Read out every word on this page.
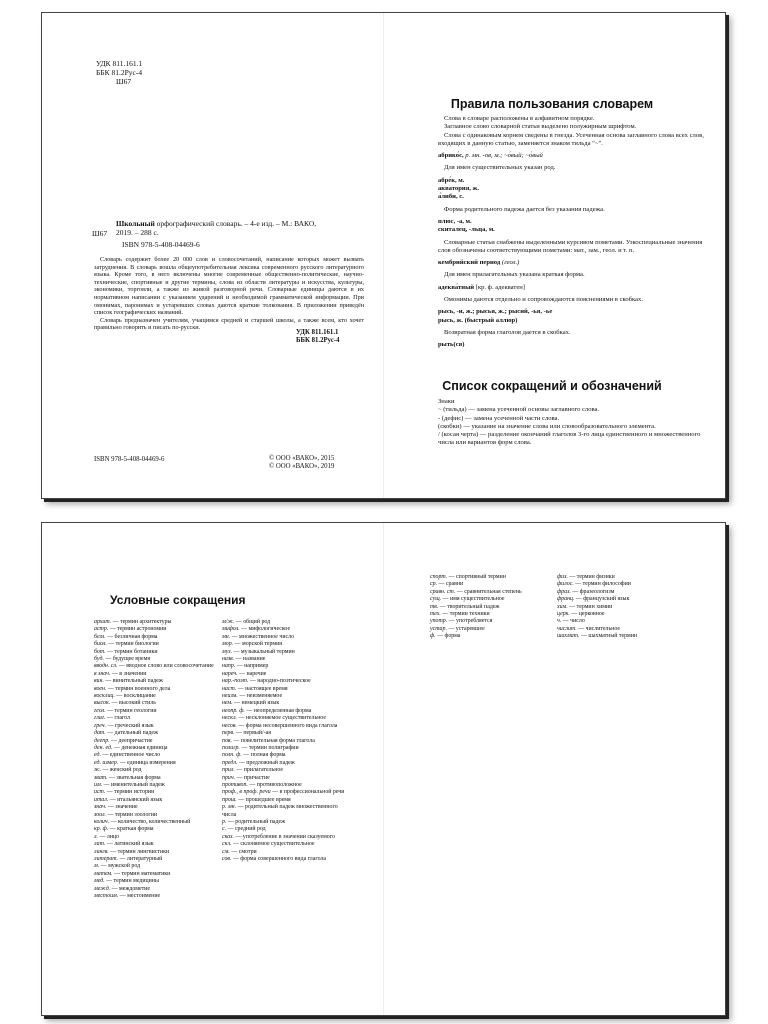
УДК 811.161.1
ББК 81.2Рус-4
Ш67
Ш67
Школьный орфографический словарь. – 4-е изд. – М.: ВАКО,
2019. – 288 с.
ISBN 978-5-408-04469-6
Словарь содержит более 20 000 слов и словосочетаний, написание которых может вызвать затруднения. В словарь вошла общеупотребительная лексика современного русского литературного языка. Кроме того, в него включены многие современные общественно-политические, научно-технические, спортивные и другие термины, слова из области литературы и искусства, культуры, экономики, торговли, а также из живой разговорной речи. Словарные единицы даются в их нормативном написании с указанием ударений и необходимой грамматической информации. При омонимах, паронимах и устаревших словах даются краткие толкования. В приложении приведён список географических названий.
Словарь предназначен учителям, учащимся средней и старшей школы, а также всем, кто хочет правильно говорить и писать по-русски.
УДК 811.161.1
ББК 81.2Рус-4
ISBN 978-5-408-04469-6	© ООО «ВАКО», 2015
© ООО «ВАКО», 2019
Правила пользования словарем
Слова в словаре расположены в алфавитном порядке.
Заглавное слово словарной статьи выделено полужирным шрифтом.
Слова с одинаковым корнем сведены в гнезда. Усеченная основа заглавного слова всех слов, входящих в данную статью, заменяется знаком тильда "~".
абрико́с, р. мн. -ов, м.; ~о́вый; ~о́вый
Для имен существительных указан род.
абре́к, м.
акватория, ж.
а́либи, с.
Форма родительного падежа дается без указания падежа.
плюс, -а, м.
скиталец, -льца, м.
Словарные статьи снабжены выделенными курсивом пометами. Узкоспециальные значения слов обозначены соответствующими пометами: мат., зам., геол. и т. п.
кембрийский период (геол.)
Для имен прилагательных указана краткая форма.
адеква́тный [кр. ф. адекватен]
Омонимы даются отдельно и сопровождаются пояснениями в скобках.
рысь, -и, ж.; рысья, ж.; рысий, -ья, -ье
рысь, ж. (быстрый аллюр)
Возвратная форма глаголов дается в скобках.
рыть(ся)
Список сокращений и обозначений
Знаки
~ (тильда) — замена усеченной основы заглавного слова.
- (дефис) — замена усеченной части слова.
(скобки) — указание на значение слова или словообразовательного элемента.
/ (косая черта) — разделение окончаний глаголов 3-го лица единственного и множественного числа или вариантов форм слова.
Условные сокращения
архит. — термин архитектуры
астр. — термин астрономии
безл. — безличная форма
биол. — термин биологии
бот. — термин ботаники
буд. — будущее время
вводн. сл. — вводное слово или словосочетание
в знач. — в значении
вин. — винительный падеж
воен. — термин военного дела
восклиц. — восклицание
высок. — высокий стиль
геол. — термин геологии
глаг. — глагол
греч. — греческий язык
дат. — дательный падеж
деепр. — деепричастие
ден. ед. — денежная единица
ед. — единственное число
ед. измер. — единица измерения
ж. — женский род
зват. — звательная форма
им. — именительный падеж
ист. — термин истории
итал. — итальянский язык
знач. — значение
зоол. — термин зоологии
колич. — количество, количественный
кр. ф. — краткая форма
л. — лицо
лат. — латинский язык
лингв. — термин лингвистики
литерат. — литературный
м. — мужской род
матем. — термин математики
мед. — термин медицины
межд. — междометие
местоим. — местоимение
м/ж. — общий род
мифол. — мифологическое
мн. — множественное число
мор. — морской термин
муз. — музыкальный термин
назв. — название
напр. — например
нареч. — наречие
нар.-поэт. — народно-поэтическое
наст. — настоящее время
неизм. — неизменяемое
нем. — немецкий язык
неопр. ф. — неопределенная форма
нескл. — несклоняемое существительное
несов. — форма несовершенного вида глагола
перв. — первый/-ая
пов. — повелительная форма глагола
полигр. — термин полиграфии
полн. ф. — полная форма
предл. — предложный падеж
прил. — прилагательное
прич. — причастие
противоп. — противоположное
проф., в проф. речи — в профессиональной речи
прош. — прошедшее время
р. мн. — родительный падеж множественного числа
р. — родительный падеж
с. — средний род
сказ. — употребление в значении сказуемого
скл. — склоняемое существительное
см. — смотри
сов. — форма совершенного вида глагола
спорт. — спортивный термин
ср. — сравни
сравн. ст. — сравнительная степень
сущ. — имя существительное
тв. — творительный падеж
тех. — термин техники
употр. — употребляется
устар. — устаревшее
ф. — форма
физ. — термин физики
филос. — термин философии
фраз. — фразеологизм
франц. — французский язык
хим. — термин химии
церк. — церковное
ч. — число
числит. — числительное
шахмат. — шахматный термин
